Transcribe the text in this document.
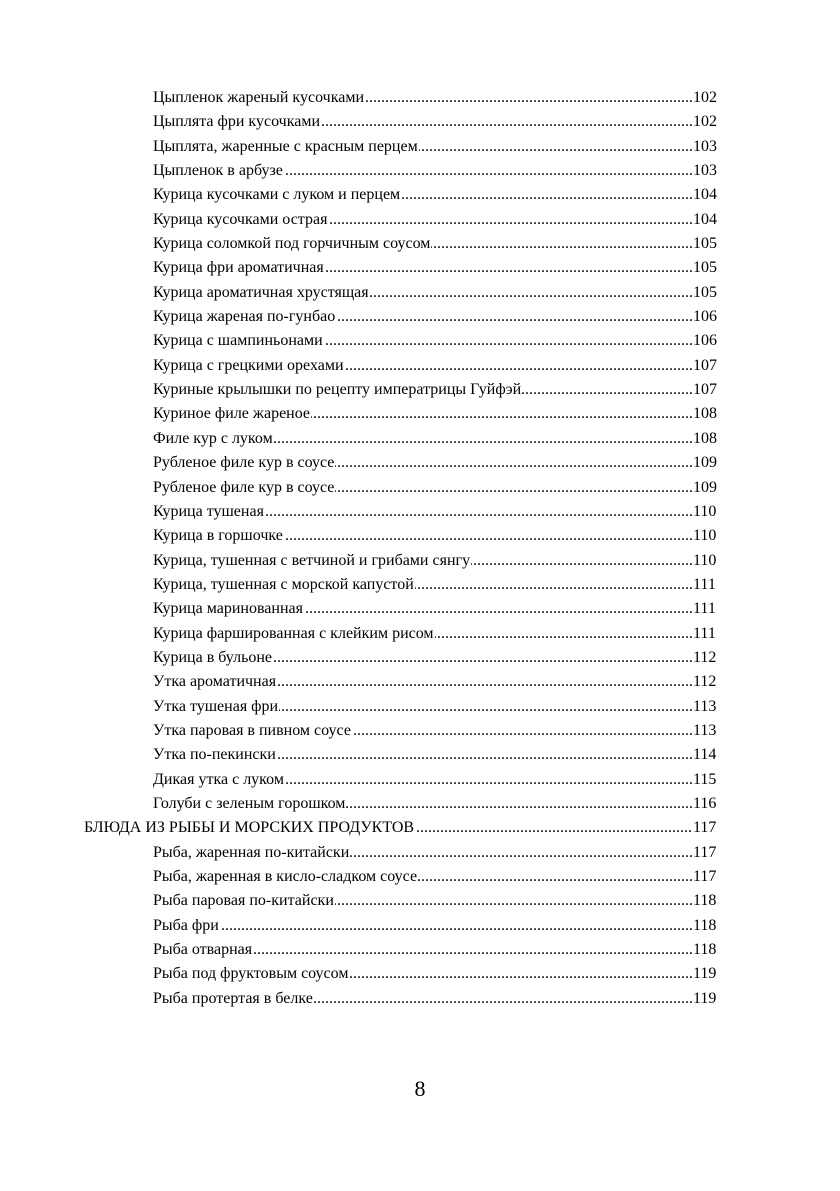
Цыпленок жареный кусочками .....	102
Цыплята фри кусочками .....	102
Цыплята, жаренные с красным перцем .....	103
Цыпленок в арбузе .....	103
Курица кусочками с луком и перцем .....	104
Курица кусочками острая .....	104
Курица соломкой под горчичным соусом .....	105
Курица фри ароматичная .....	105
Курица ароматичная хрустящая .....	105
Курица жареная по-гунбао .....	106
Курица с шампиньонами .....	106
Курица с грецкими орехами .....	107
Куриные крылышки по рецепту императрицы Гуйфэй .....	107
Куриное филе жареное .....	108
Филе кур с луком .....	108
Рубленое филе кур в соусе .....	109
Рубленое филе кур в соусе .....	109
Курица тушеная .....	110
Курица в горшочке .....	110
Курица, тушенная с ветчиной и грибами сянгу .....	110
Курица, тушенная с морской капустой .....	111
Курица маринованная .....	111
Курица фаршированная с клейким рисом .....	111
Курица в бульоне .....	112
Утка ароматичная .....	112
Утка тушеная фри .....	113
Утка паровая в пивном соусе .....	113
Утка по-пекински .....	114
Дикая утка с луком .....	115
Голуби с зеленым горошком .....	116
БЛЮДА ИЗ РЫБЫ И МОРСКИХ ПРОДУКТОВ .....	117
Рыба, жаренная по-китайски .....	117
Рыба, жаренная в кисло-сладком соусе .....	117
Рыба паровая по-китайски .....	118
Рыба фри .....	118
Рыба отварная .....	118
Рыба под фруктовым соусом .....	119
Рыба протертая в белке .....	119
8
